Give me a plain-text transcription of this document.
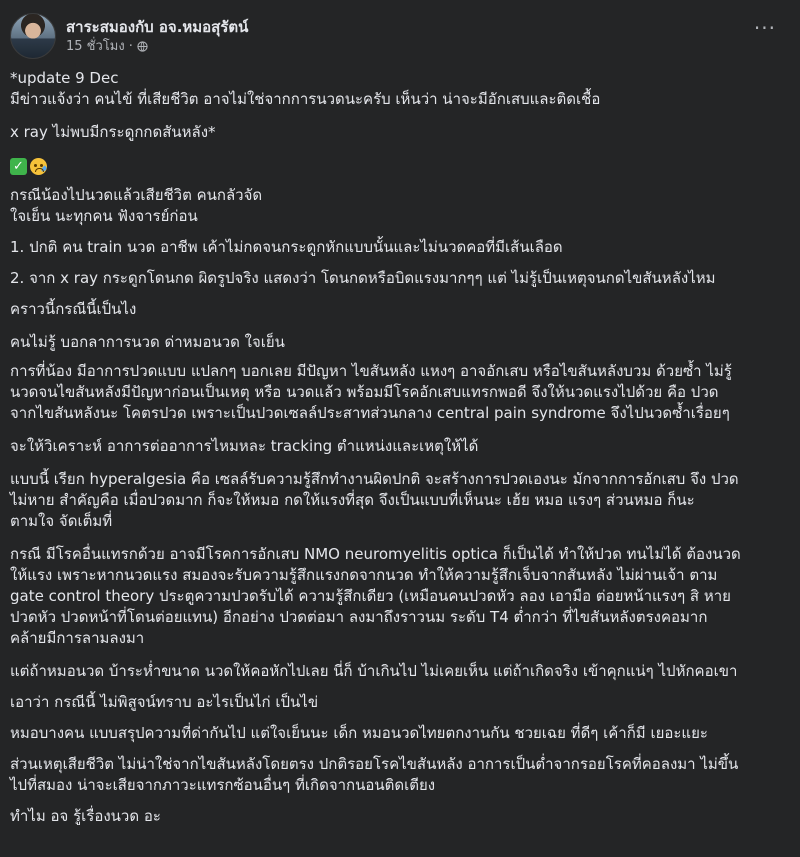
สาระสมองกับ อจ.หมอสุรัตน์
15 ชั่วโมง ·
···

*update 9 Dec
มีข่าวแจ้งว่า คนไข้ ที่เสียชีวิต อาจไม่ใช่จากการนวดนะครับ เห็นว่า น่าจะมีอักเสบและติดเชื้อ

x ray ไม่พบมีกระดูกกดสันหลัง*

✓

กรณีน้องไปนวดแล้วเสียชีวิต คนกลัวจัด
ใจเย็น นะทุกคน ฟังจารย์ก่อน

1. ปกติ คน train นวด อาชีพ เค้าไม่กดจนกระดูกหักแบบนั้นและไม่นวดคอที่มีเส้นเลือด

2. จาก x ray กระดูกโดนกด ผิดรูปจริง แสดงว่า โดนกดหรือบิดแรงมากๆๆ แต่ ไม่รู้เป็นเหตุจนกดไขสันหลังไหม

คราวนี้กรณีนี้เป็นไง

คนไม่รู้ บอกลาการนวด ด่าหมอนวด ใจเย็น

การที่น้อง มีอาการปวดแบบ แปลกๆ บอกเลย มีปัญหา ไขสันหลัง แหงๆ อาจอักเสบ หรือไขสันหลังบวม ด้วยซ้ำ ไม่รู้
นวดจนไขสันหลังมีปัญหาก่อนเป็นเหตุ หรือ นวดแล้ว พร้อมมีโรคอักเสบแทรกพอดี จึงให้นวดแรงไปด้วย คือ ปวด
จากไขสันหลังนะ โคตรปวด เพราะเป็นปวดเซลล์ประสาทส่วนกลาง central pain syndrome จึงไปนวดซ้ำเรื่อยๆ

จะให้วิเคราะห์ อาการต่ออาการไหมหละ tracking ตำแหน่งและเหตุให้ได้

แบบนี้ เรียก hyperalgesia คือ เซลล์รับความรู้สึกทำงานผิดปกติ จะสร้างการปวดเองนะ มักจากการอักเสบ จึง ปวด
ไม่หาย สำคัญคือ เมื่อปวดมาก ก็จะให้หมอ กดให้แรงที่สุด จึงเป็นแบบที่เห็นนะ เฮ้ย หมอ แรงๆ ส่วนหมอ ก็นะ
ตามใจ จัดเต็มที่

กรณี มีโรคอื่นแทรกด้วย อาจมีโรคการอักเสบ NMO neuromyelitis optica ก็เป็นได้ ทำให้ปวด ทนไม่ได้ ต้องนวด
ให้แรง เพราะหากนวดแรง สมองจะรับความรู้สึกแรงกดจากนวด ทำให้ความรู้สึกเจ็บจากสันหลัง ไม่ผ่านเจ้า ตาม
gate control theory ประตูความปวดรับได้ ความรู้สึกเดียว (เหมือนคนปวดหัว ลอง เอามือ ต่อยหน้าแรงๆ สิ หาย
ปวดหัว ปวดหน้าที่โดนต่อยแทน) อีกอย่าง ปวดต่อมา ลงมาถึงราวนม ระดับ T4 ต่ำกว่า ที่ไขสันหลังตรงคอมาก
คล้ายมีการลามลงมา

แต่ถ้าหมอนวด บ้าระห่ำขนาด นวดให้คอหักไปเลย นี่ก็ บ้าเกินไป ไม่เคยเห็น แต่ถ้าเกิดจริง เข้าคุกแน่ๆ ไปหักคอเขา

เอาว่า กรณีนี้ ไม่พิสูจน์ทราบ อะไรเป็นไก่ เป็นไข่

หมอบางคน แบบสรุปความที่ด่ากันไป แต่ใจเย็นนะ เด็ก หมอนวดไทยตกงานกัน ชวยเฉย ที่ดีๆ เค้าก็มี เยอะแยะ

ส่วนเหตุเสียชีวิต ไม่น่าใช่จากไขสันหลังโดยตรง ปกติรอยโรคไขสันหลัง อาการเป็นต่ำจากรอยโรคที่คอลงมา ไม่ขึ้น
ไปที่สมอง น่าจะเสียจากภาวะแทรกซ้อนอื่นๆ ที่เกิดจากนอนติดเตียง

ทำไม อจ รู้เรื่องนวด อะ
